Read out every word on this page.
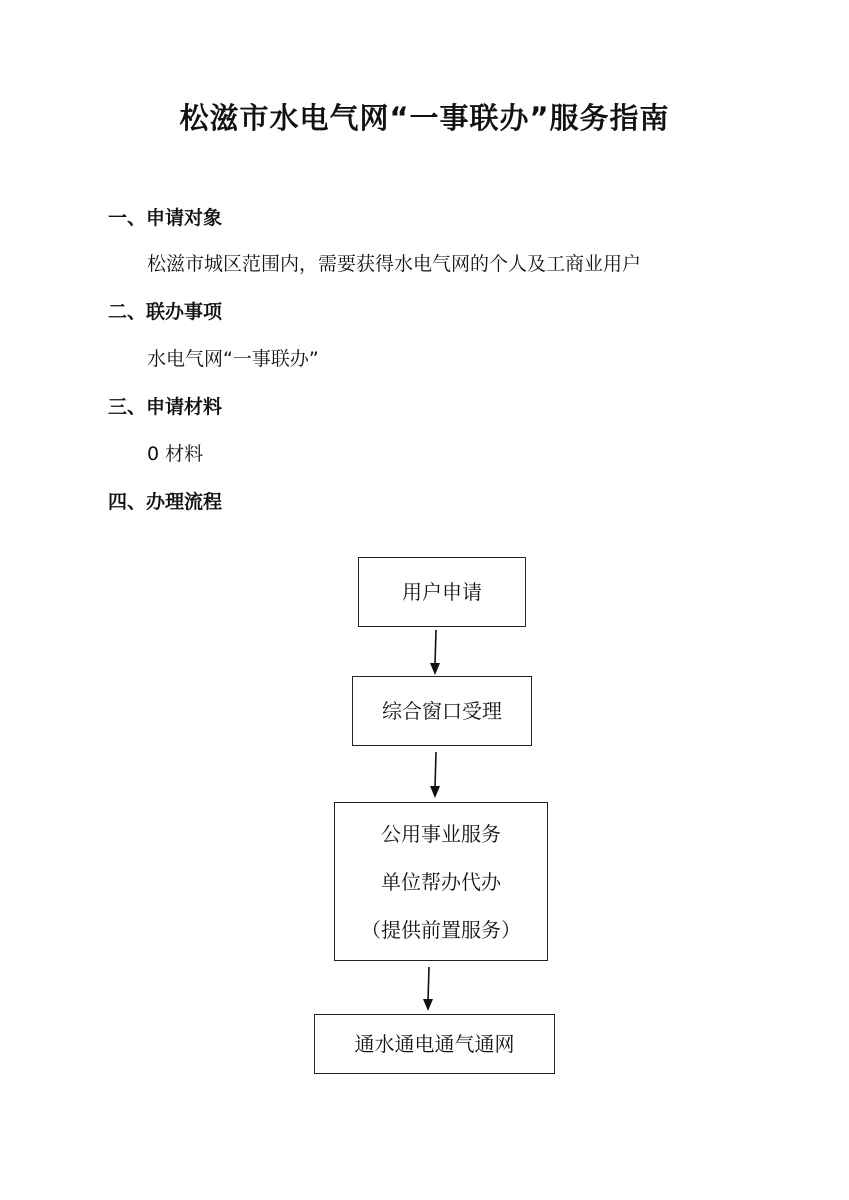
松滋市水电气网“一事联办”服务指南
一、申请对象

松滋市城区范围内，需要获得水电气网的个人及工商业用户

二、联办事项

水电气网“一事联办”

三、申请材料

0 材料

四、办理流程
用户申请
综合窗口受理
公用事业服务
单位帮办代办
（提供前置服务）
通水通电通气通网
